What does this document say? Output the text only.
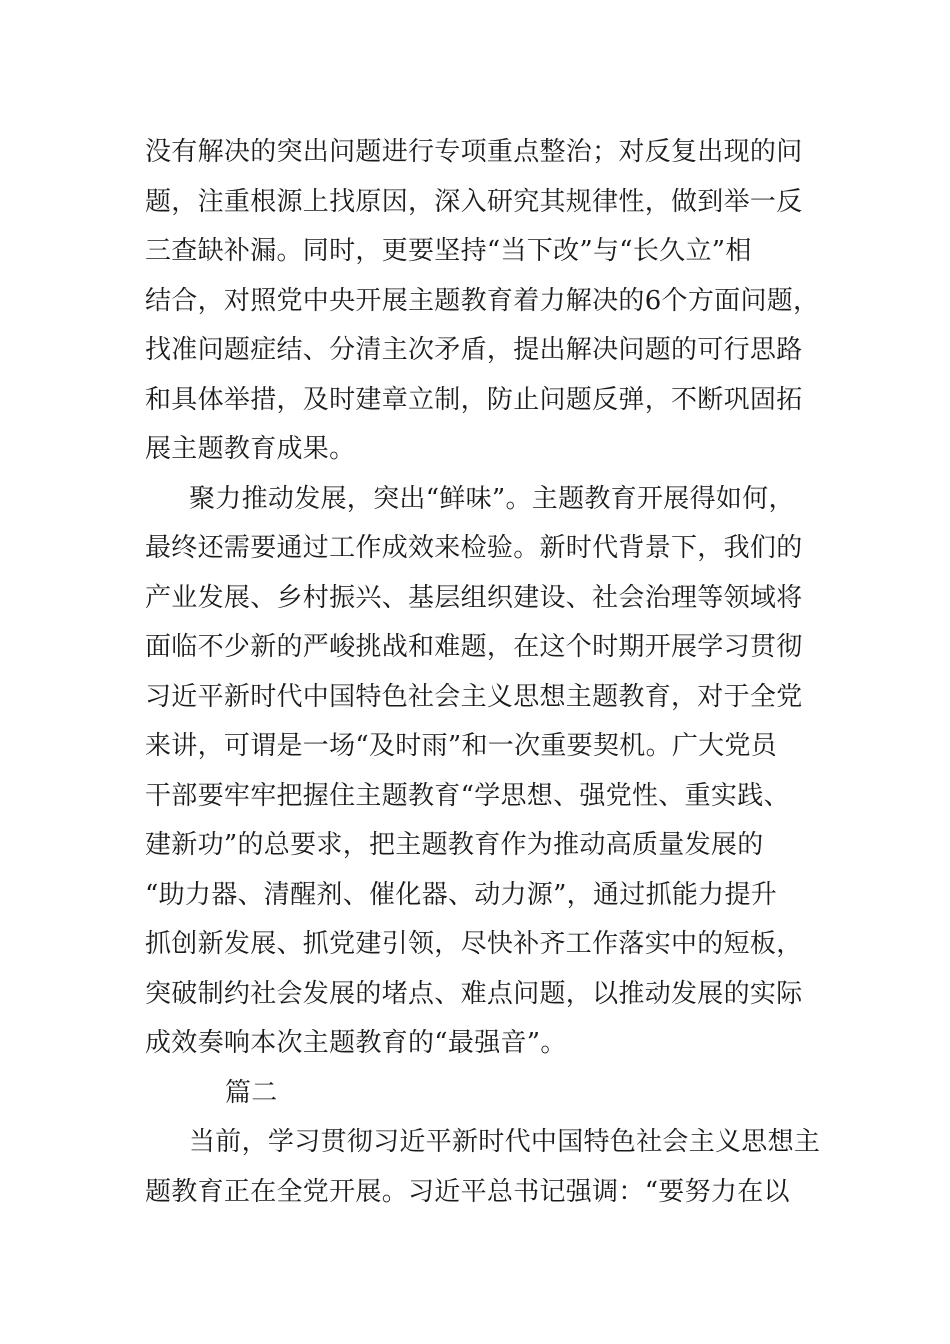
没有解决的突出问题进行专项重点整治；对反复出现的问
题，注重根源上找原因，深入研究其规律性，做到举一反
三查缺补漏。同时，更要坚持“当下改”与“长久立”相
结合，对照党中央开展主题教育着力解决的6个方面问题，
找准问题症结、分清主次矛盾，提出解决问题的可行思路
和具体举措，及时建章立制，防止问题反弹，不断巩固拓
展主题教育成果。
聚力推动发展，突出“鲜味”。主题教育开展得如何，
最终还需要通过工作成效来检验。新时代背景下，我们的
产业发展、乡村振兴、基层组织建设、社会治理等领域将
面临不少新的严峻挑战和难题，在这个时期开展学习贯彻
习近平新时代中国特色社会主义思想主题教育，对于全党
来讲，可谓是一场“及时雨”和一次重要契机。广大党员
干部要牢牢把握住主题教育“学思想、强党性、重实践、
建新功”的总要求，把主题教育作为推动高质量发展的
“助力器、清醒剂、催化器、动力源”，通过抓能力提升
抓创新发展、抓党建引领，尽快补齐工作落实中的短板，
突破制约社会发展的堵点、难点问题，以推动发展的实际
成效奏响本次主题教育的“最强音”。
篇二
当前，学习贯彻习近平新时代中国特色社会主义思想主
题教育正在全党开展。习近平总书记强调：“要努力在以
